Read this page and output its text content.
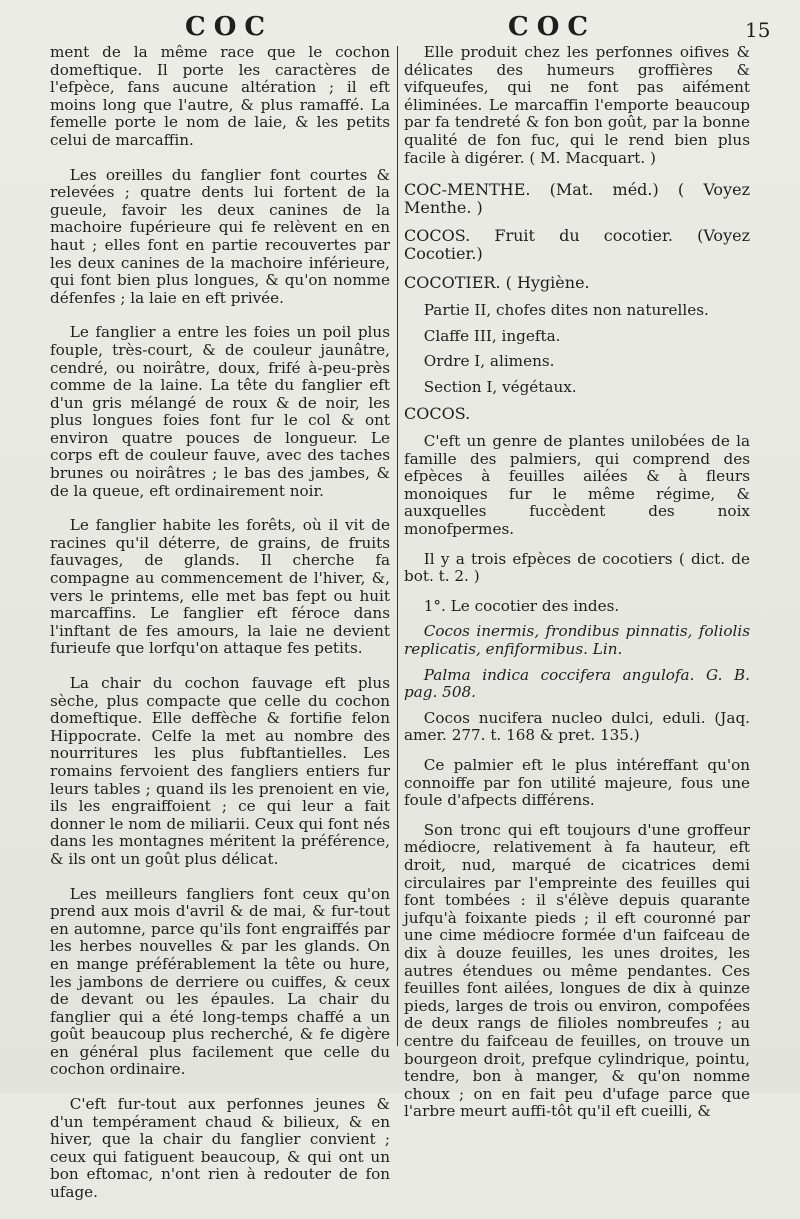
COC	COC	15

ment de la même race que le cochon domeftique. Il porte les caractères de l'efpèce, fans aucune altération ; il eft moins long que l'autre, & plus ramaffé. La femelle porte le nom de laie, & les petits celui de marcaffin.

Les oreilles du fanglier font courtes & relevées ; quatre dents lui fortent de la gueule, favoir les deux canines de la machoire fupérieure qui fe relèvent en en haut ; elles font en partie recouvertes par les deux canines de la machoire inférieure, qui font bien plus longues, & qu'on nomme défenfes ; la laie en eft privée.

Le fanglier a entre les foies un poil plus fouple, très-court, & de couleur jaunâtre, cendré, ou noirâtre, doux, frifé à-peu-près comme de la laine. La tête du fanglier eft d'un gris mélangé de roux & de noir, les plus longues foies font fur le col & ont environ quatre pouces de longueur. Le corps eft de couleur fauve, avec des taches brunes ou noirâtres ; le bas des jambes, & de la queue, eft ordinairement noir.

Le fanglier habite les forêts, où il vit de racines qu'il déterre, de grains, de fruits fauvages, de glands. Il cherche fa compagne au commencement de l'hiver, &, vers le printems, elle met bas fept ou huit marcaffins. Le fanglier eft féroce dans l'inftant de fes amours, la laie ne devient furieufe que lorfqu'on attaque fes petits.

La chair du cochon fauvage eft plus sèche, plus compacte que celle du cochon domeftique. Elle deffèche & fortifie felon Hippocrate. Celfe la met au nombre des nourritures les plus fubftantielles. Les romains fervoient des fangliers entiers fur leurs tables ; quand ils les prenoient en vie, ils les engraiffoient ; ce qui leur a fait donner le nom de miliarii. Ceux qui font nés dans les montagnes méritent la préférence, & ils ont un goût plus délicat.

Les meilleurs fangliers font ceux qu'on prend aux mois d'avril & de mai, & fur-tout en automne, parce qu'ils font engraiffés par les herbes nouvelles & par les glands. On en mange préférablement la tête ou hure, les jambons de derriere ou cuiffes, & ceux de devant ou les épaules. La chair du fanglier qui a été long-temps chaffé a un goût beaucoup plus recherché, & fe digère en général plus facilement que celle du cochon ordinaire.

C'eft fur-tout aux perfonnes jeunes & d'un tempérament chaud & bilieux, & en hiver, que la chair du fanglier convient ; ceux qui fatiguent beaucoup, & qui ont un bon eftomac, n'ont rien à redouter de fon ufage.

Elle produit chez les perfonnes oifives & délicates des humeurs groffières & vifqueufes, qui ne font pas aifément éliminées. Le marcaffin l'emporte beaucoup par fa tendreté & fon bon goût, par la bonne qualité de fon fuc, qui le rend bien plus facile à digérer. ( M. Macquart. )

COC-MENTHE. (Mat. méd.) ( Voyez Menthe. )

COCOS. Fruit du cocotier. (Voyez Cocotier.)

COCOTIER. ( Hygiène.

Partie II, chofes dites non naturelles.

Claffe III, ingefta.

Ordre I, alimens.

Section I, végétaux.

COCOS.

C'eft un genre de plantes unilobées de la famille des palmiers, qui comprend des efpèces à feuilles ailées & à fleurs monoiques fur le même régime, & auxquelles fuccèdent des noix monofpermes.

Il y a trois efpèces de cocotiers ( dict. de bot. t. 2. )

1°. Le cocotier des indes.

Cocos inermis, frondibus pinnatis, foliolis replicatis, enfiformibus. Lin.

Palma indica coccifera angulofa. G. B. pag. 508.

Cocos nucifera nucleo dulci, eduli. (Jaq. amer. 277. t. 168 & pret. 135.)

Ce palmier eft le plus intéreffant qu'on connoiffe par fon utilité majeure, fous une foule d'afpects différens.

Son tronc qui eft toujours d'une groffeur médiocre, relativement à fa hauteur, eft droit, nud, marqué de cicatrices demi circulaires par l'empreinte des feuilles qui font tombées : il s'élève depuis quarante jufqu'à foixante pieds ; il eft couronné par une cime médiocre formée d'un faifceau de dix à douze feuilles, les unes droites, les autres étendues ou même pendantes. Ces feuilles font ailées, longues de dix à quinze pieds, larges de trois ou environ, compofées de deux rangs de filioles nombreufes ; au centre du faifceau de feuilles, on trouve un bourgeon droit, prefque cylindrique, pointu, tendre, bon à manger, & qu'on nomme choux ; on en fait peu d'ufage parce que l'arbre meurt auffi-tôt qu'il eft cueilli, &
